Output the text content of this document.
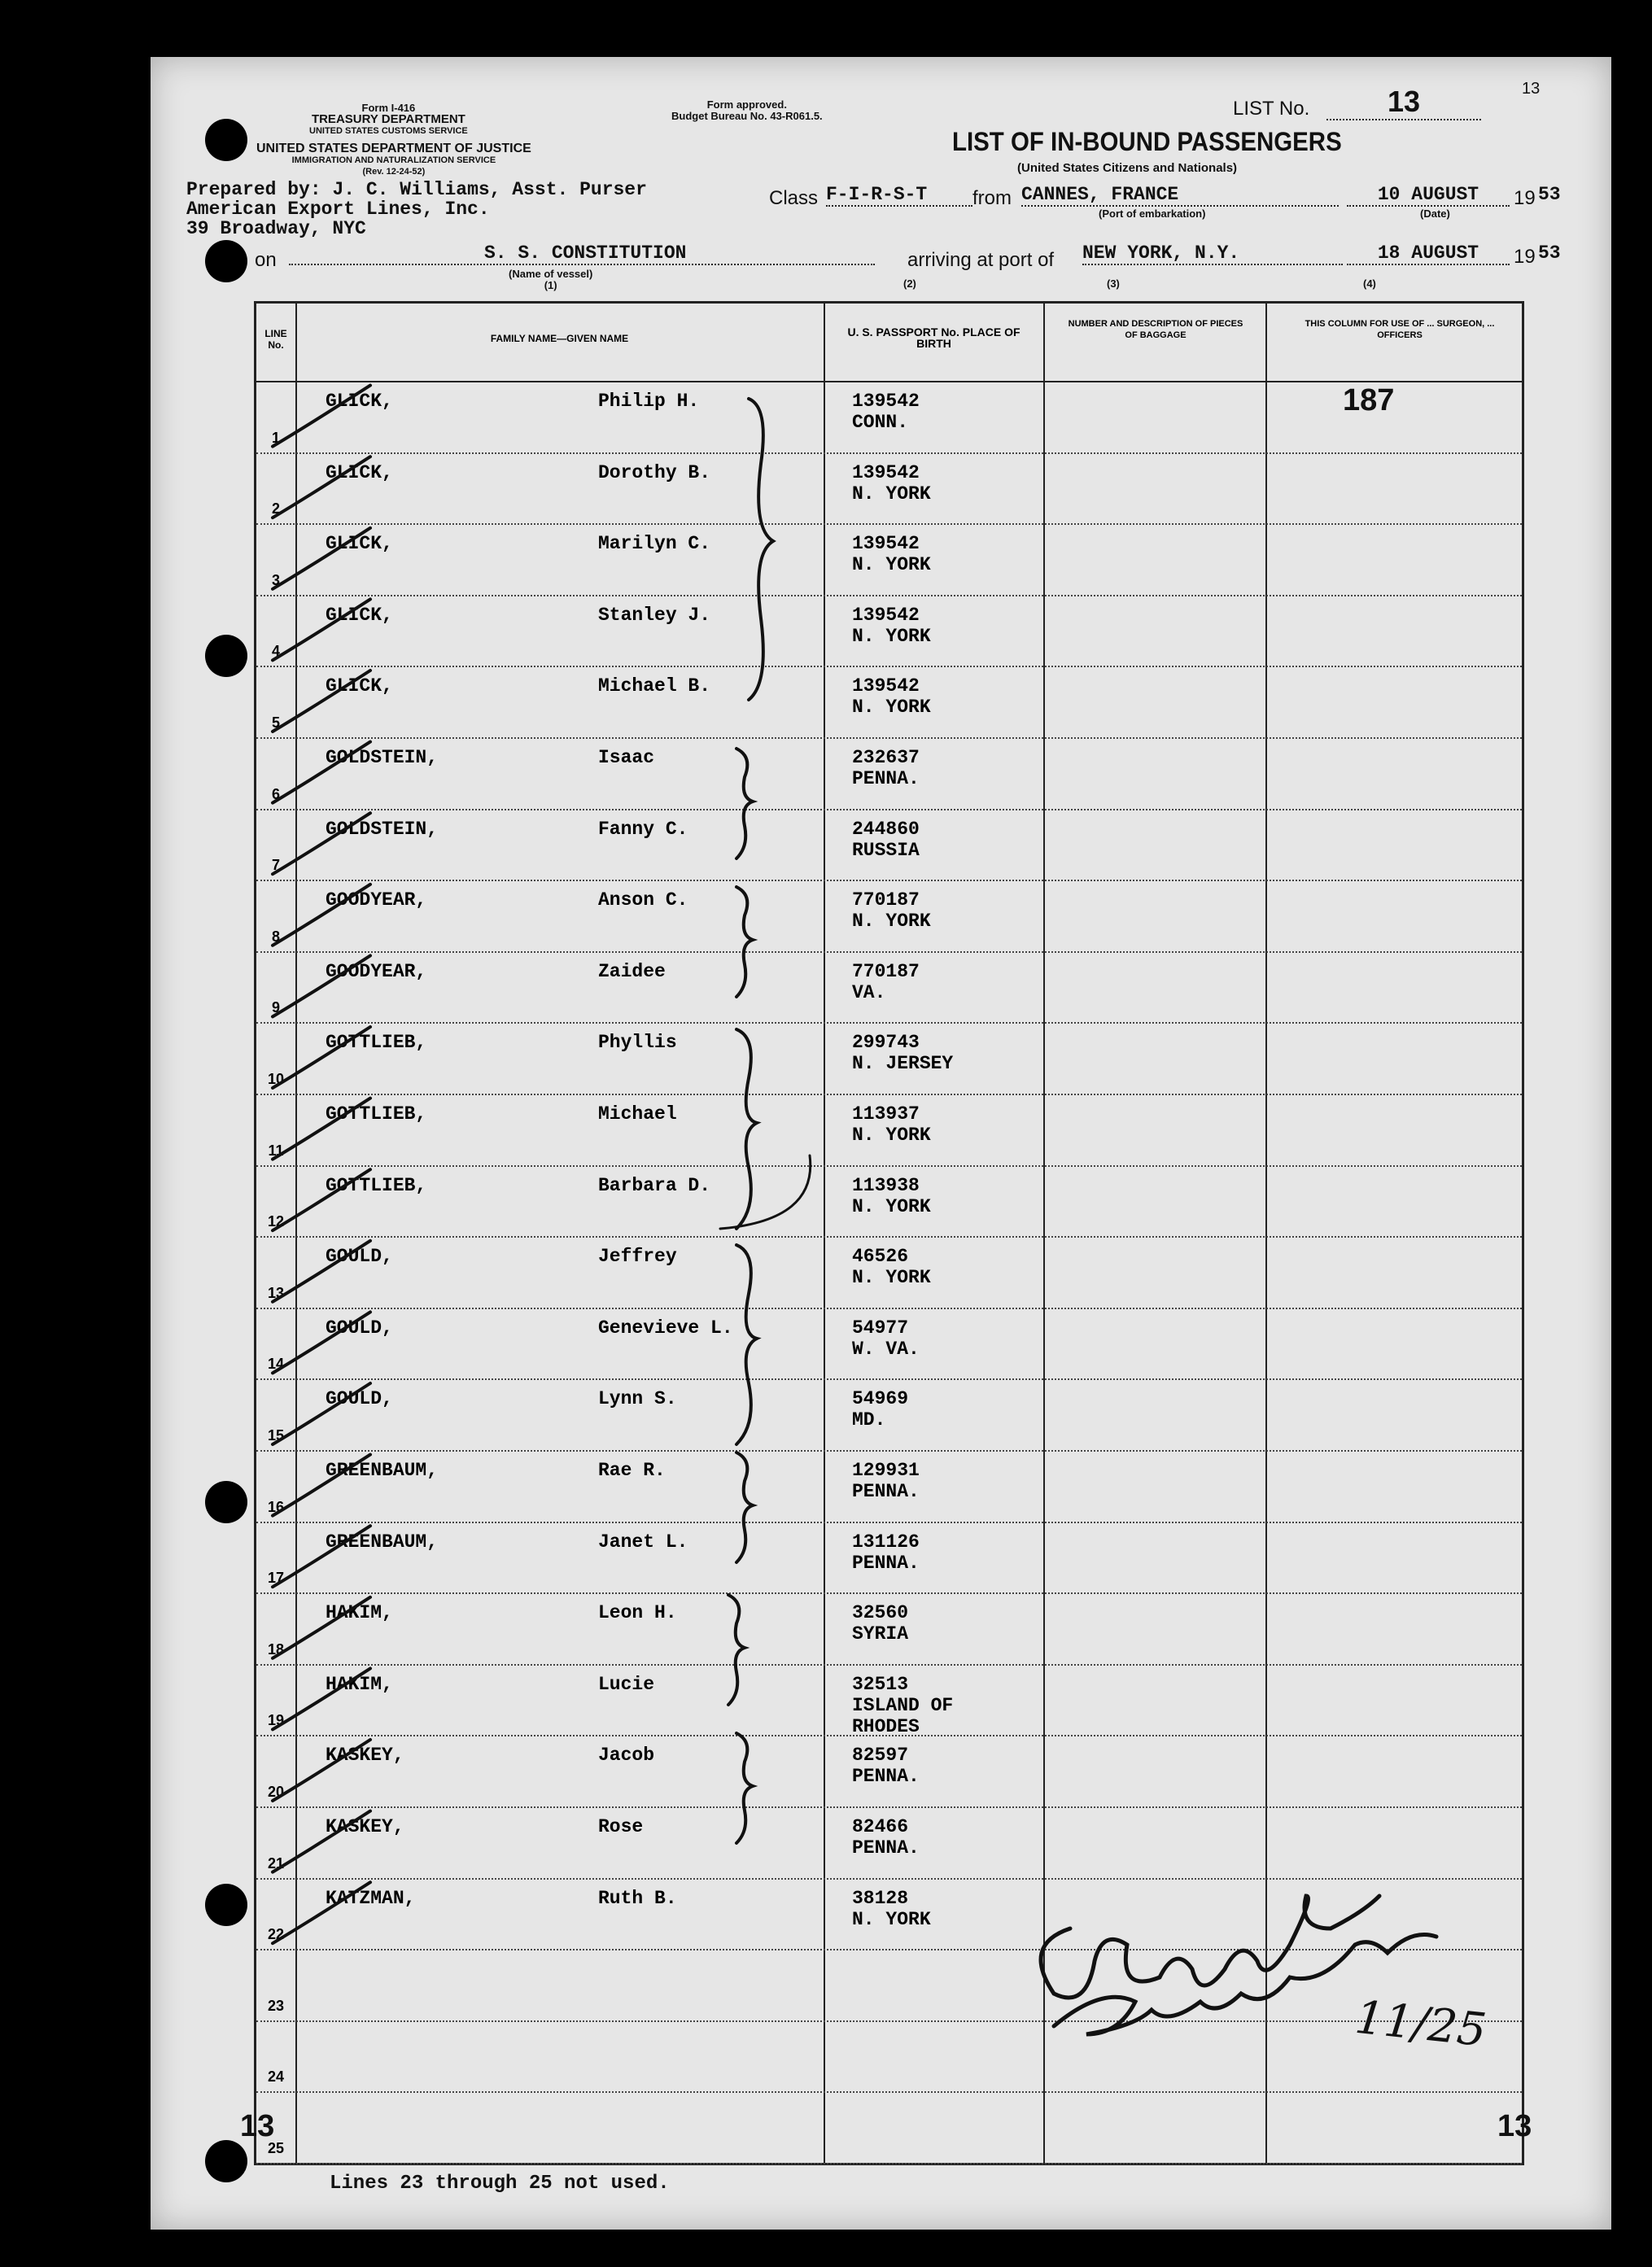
Form I-416
TREASURY DEPARTMENT
UNITED STATES CUSTOMS SERVICE
Form approved.
Budget Bureau No. 43-R061.5.
UNITED STATES DEPARTMENT OF JUSTICE
IMMIGRATION AND NATURALIZATION SERVICE
(Rev. 12-24-52)
LIST No.	13	13
LIST OF IN-BOUND PASSENGERS
(United States Citizens and Nationals)
Prepared by: J. C. Williams, Asst. Purser
American Export Lines, Inc.
39 Broadway, NYC
Class F-I-R-S-T	from CANNES, FRANCE
(Port of embarkation)
10 AUGUST	19 53
(Date)
on	S. S. CONSTITUTION
(Name of vessel)
(1)
arriving at port of NEW YORK, N.Y.	18 AUGUST	19 53
(2)	(3)	(4)
LINE No.
FAMILY NAME—GIVEN NAME	U. S. PASSPORT No. PLACE OF BIRTH
NUMBER AND DESCRIPTION OF PIECES OF BAGGAGE
THIS COLUMN FOR USE OF ... SURGEON, ... OFFICERS
187
1
GLICK,	Philip H.	139542
CONN.
2
GLICK,	Dorothy B.	139542
N. YORK
3
GLICK,	Marilyn C.	139542
N. YORK
4
GLICK,	Stanley J.	139542
N. YORK
5
GLICK,	Michael B.	139542
N. YORK
6
GOLDSTEIN,	Isaac	232637
PENNA.
7
GOLDSTEIN,	Fanny C.	244860
RUSSIA
8
GOODYEAR,	Anson C.	770187
N. YORK
9
GOODYEAR,	Zaidee	770187
VA.
10
GOTTLIEB,	Phyllis	299743
N. JERSEY
11
GOTTLIEB,	Michael	113937
N. YORK
12
GOTTLIEB,	Barbara D.	113938
N. YORK
13
GOULD,	Jeffrey	46526
N. YORK
14
GOULD,	Genevieve L.	54977
W. VA.
15
GOULD,	Lynn S.	54969
MD.
16
GREENBAUM,	Rae R.	129931
PENNA.
17
GREENBAUM,	Janet L.	131126
PENNA.
18
HAKIM,	Leon H.	32560
SYRIA
19
HAKIM,	Lucie	32513
ISLAND OF RHODES
20
KASKEY,	Jacob	82597
PENNA.
21
KASKEY,	Rose	82466
PENNA.
22
KATZMAN,	Ruth B.	38128
N. YORK
23
24
25
Lines 23 through 25 not used.
13	13
11/25
